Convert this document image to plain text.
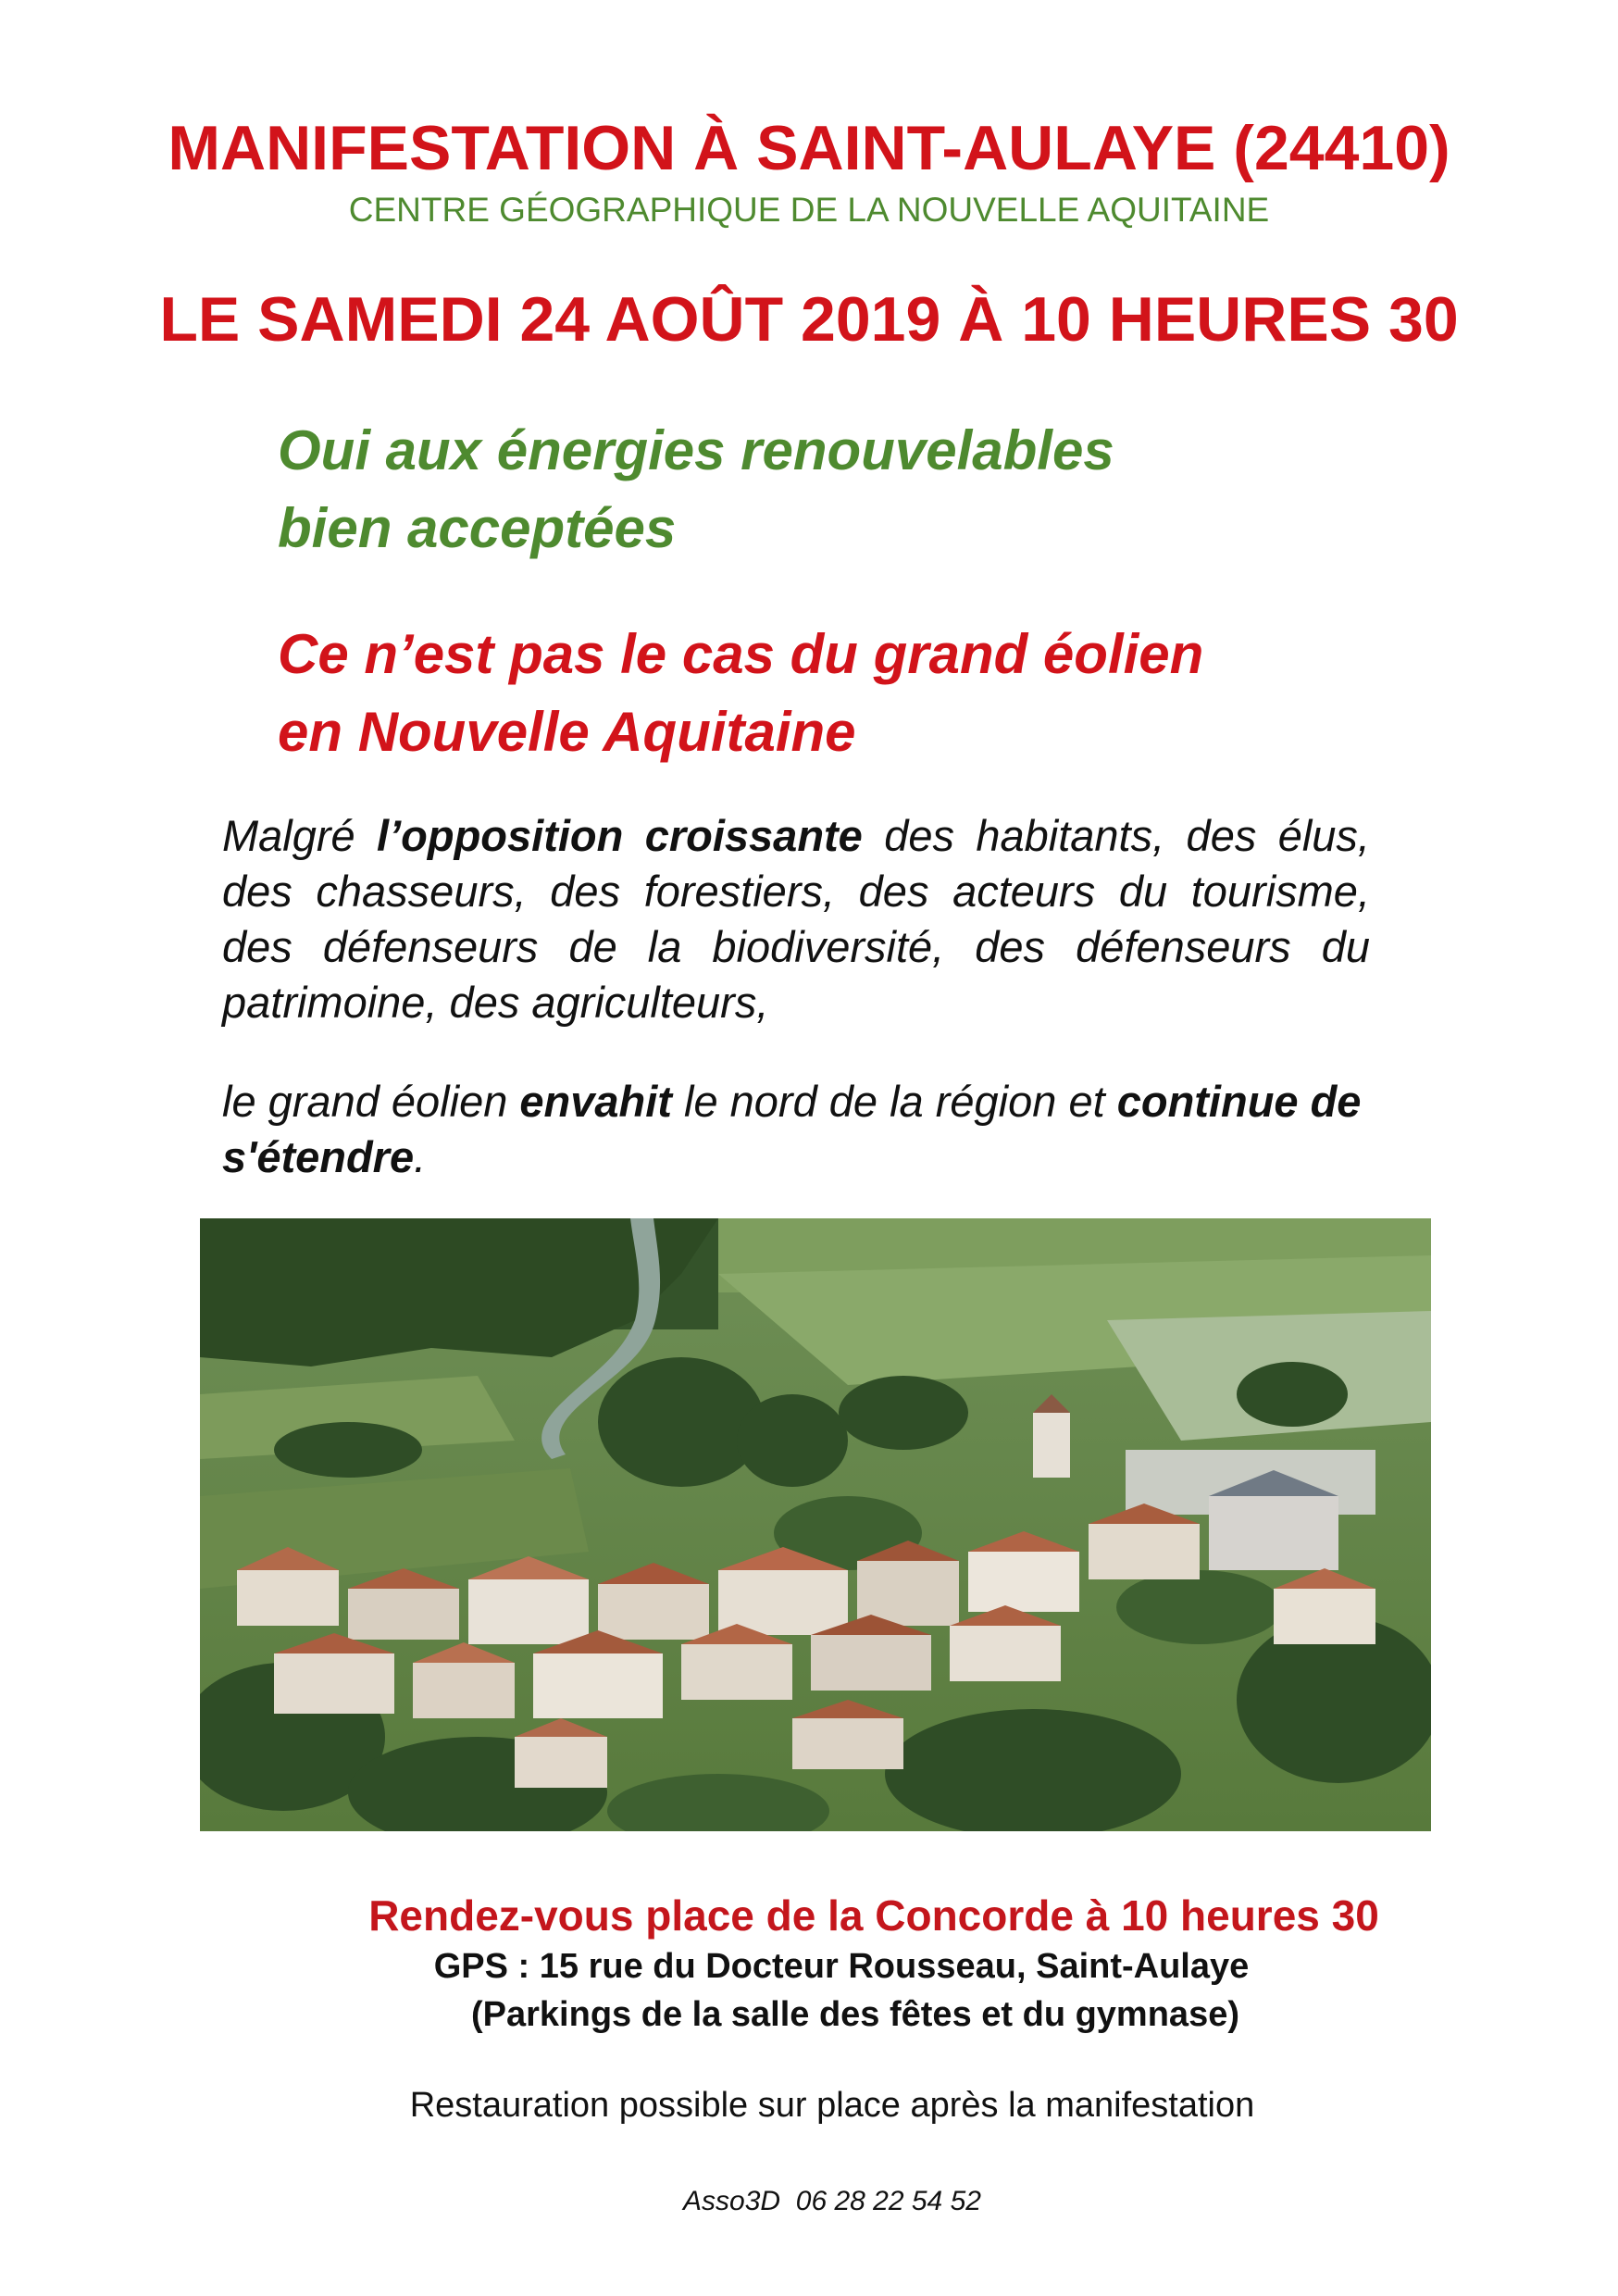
MANIFESTATION À SAINT-AULAYE (24410)
CENTRE GÉOGRAPHIQUE DE LA NOUVELLE AQUITAINE
LE SAMEDI 24 AOÛT 2019 À 10 HEURES 30
Oui aux énergies renouvelables
bien acceptées
Ce n’est pas le cas du grand éolien
en Nouvelle Aquitaine
Malgré l’opposition croissante des habitants, des élus, des chasseurs, des forestiers, des acteurs du tourisme, des défenseurs de la biodiversité, des défenseurs du patrimoine, des agriculteurs,
le grand éolien envahit le nord de la région et continue de s'étendre.
Rendez-vous place de la Concorde à 10 heures 30
GPS : 15 rue du Docteur Rousseau, Saint-Aulaye
(Parkings de la salle des fêtes et du gymnase)
Restauration possible sur place après la manifestation
Asso3D  06 28 22 54 52
